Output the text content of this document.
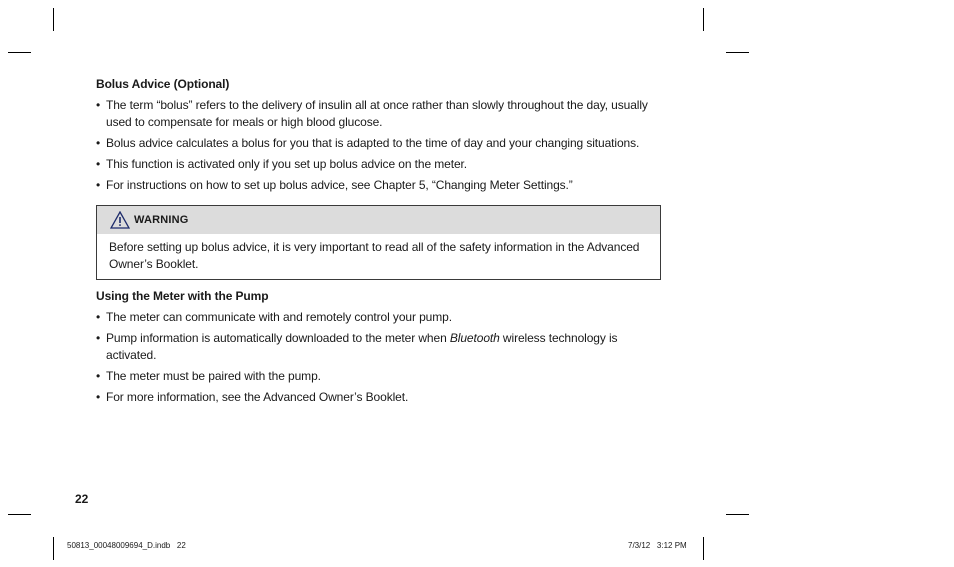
Bolus Advice (Optional)
• The term “bolus” refers to the delivery of insulin all at once rather than slowly throughout the day, usually used to compensate for meals or high blood glucose.
• Bolus advice calculates a bolus for you that is adapted to the time of day and your changing situations.
• This function is activated only if you set up bolus advice on the meter.
• For instructions on how to set up bolus advice, see Chapter 5, “Changing Meter Settings.”
WARNING
Before setting up bolus advice, it is very important to read all of the safety information in the Advanced Owner’s Booklet.
Using the Meter with the Pump
• The meter can communicate with and remotely control your pump.
• Pump information is automatically downloaded to the meter when Bluetooth wireless technology is activated.
• The meter must be paired with the pump.
• For more information, see the Advanced Owner’s Booklet.
22
50813_00048009694_D.indb   22	7/3/12   3:12 PM
